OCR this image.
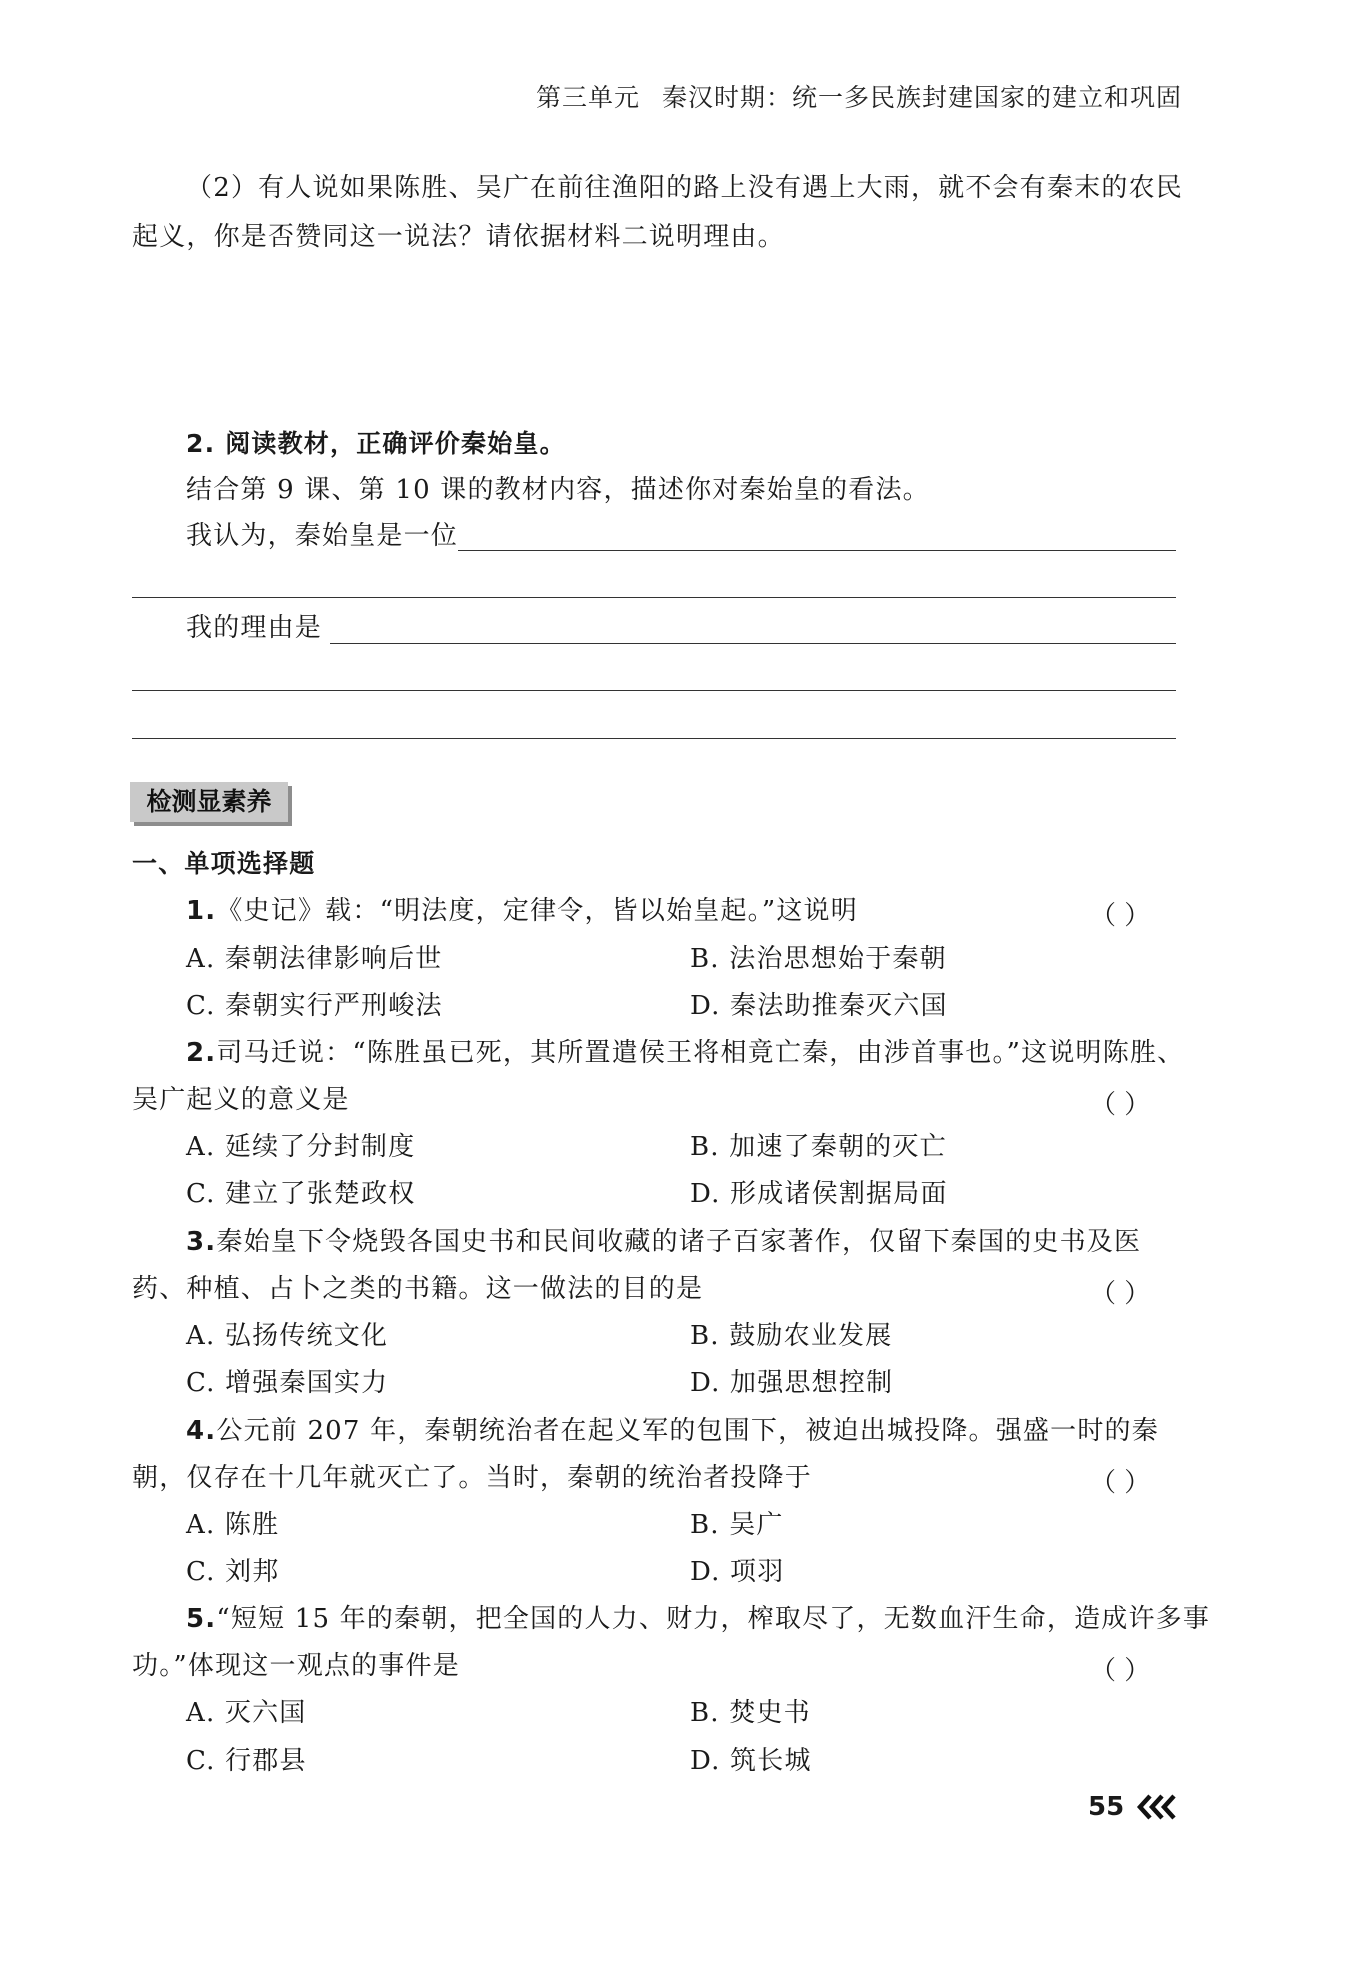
第三单元 秦汉时期：统一多民族封建国家的建立和巩固
（2）有人说如果陈胜、吴广在前往渔阳的路上没有遇上大雨，就不会有秦末的农民
起义，你是否赞同这一说法？请依据材料二说明理由。
2. 阅读教材，正确评价秦始皇。
结合第 9 课、第 10 课的教材内容，描述你对秦始皇的看法。
我认为，秦始皇是一位
我的理由是
检测显素养
一、单项选择题
1.《史记》载：“明法度，定律令，皆以始皇起。”这说明	（ ）
A. 秦朝法律影响后世	B. 法治思想始于秦朝
C. 秦朝实行严刑峻法	D. 秦法助推秦灭六国
2.司马迁说：“陈胜虽已死，其所置遣侯王将相竟亡秦，由涉首事也。”这说明陈胜、
吴广起义的意义是	（ ）
A. 延续了分封制度	B. 加速了秦朝的灭亡
C. 建立了张楚政权	D. 形成诸侯割据局面
3.秦始皇下令烧毁各国史书和民间收藏的诸子百家著作，仅留下秦国的史书及医
药、种植、占卜之类的书籍。这一做法的目的是	（ ）
A. 弘扬传统文化	B. 鼓励农业发展
C. 增强秦国实力	D. 加强思想控制
4.公元前 207 年，秦朝统治者在起义军的包围下，被迫出城投降。强盛一时的秦
朝，仅存在十几年就灭亡了。当时，秦朝的统治者投降于	（ ）
A. 陈胜	B. 吴广
C. 刘邦	D. 项羽
5.“短短 15 年的秦朝，把全国的人力、财力，榨取尽了，无数血汗生命，造成许多事
功。”体现这一观点的事件是	（ ）
A. 灭六国	B. 焚史书
C. 行郡县	D. 筑长城
55
